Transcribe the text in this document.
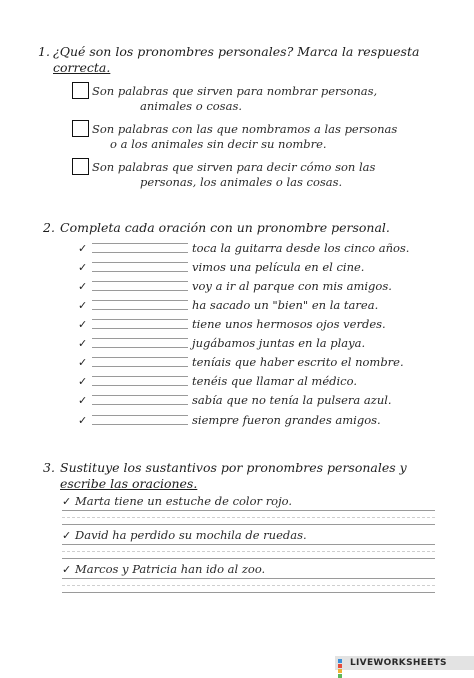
1. ¿Qué son los pronombres personales? Marca la respuesta
correcta.
Son palabras que sirven para nombrar personas,
animales o cosas.
Son palabras con las que nombramos a las personas
o a los animales sin decir su nombre.
Son palabras que sirven para decir cómo son las
personas, los animales o las cosas.
2. Completa cada oración con un pronombre personal.
✓	toca la guitarra desde los cinco años.
✓	vimos una película en el cine.
✓	voy a ir al parque con mis amigos.
✓	ha sacado un "bien" en la tarea.
✓	tiene unos hermosos ojos verdes.
✓	jugábamos juntas en la playa.
✓	teníais que haber escrito el nombre.
✓	tenéis que llamar al médico.
✓	sabía que no tenía la pulsera azul.
✓	siempre fueron grandes amigos.
3. Sustituye los sustantivos por pronombres personales y
escribe las oraciones.
✓ Marta tiene un estuche de color rojo.
✓ David ha perdido su mochila de ruedas.
✓ Marcos y Patricia han ido al zoo.
LIVEWORKSHEETS
